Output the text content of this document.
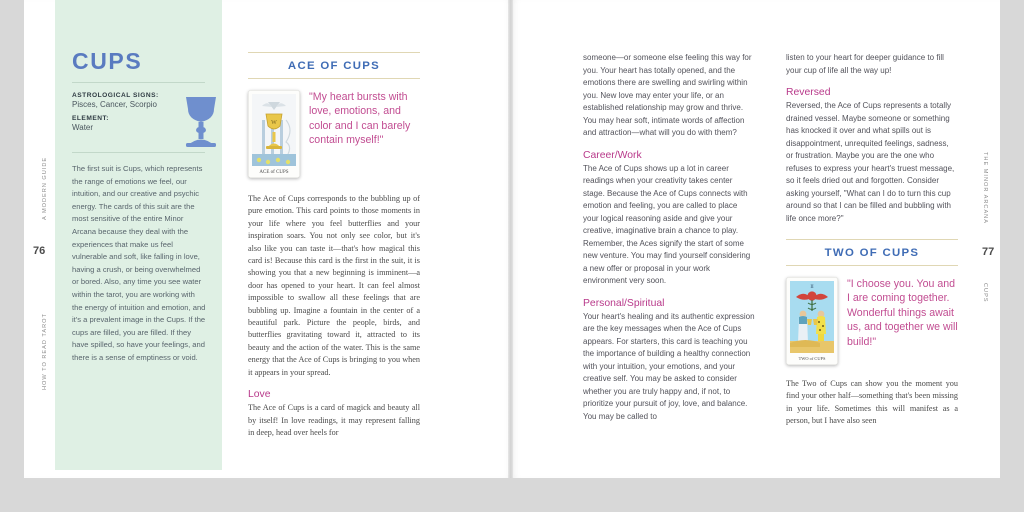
CUPS
ASTROLOGICAL SIGNS:
Pisces, Cancer, Scorpio
ELEMENT:
Water
The first suit is Cups, which represents the range of emotions we feel, our intuition, and our creative and psychic energy. The cards of this suit are the most sensitive of the entire Minor Arcana because they deal with the experiences that make us feel vulnerable and soft, like falling in love, having a crush, or being overwhelmed or bored. Also, any time you see water within the tarot, you are working with the energy of intuition and emotion, and it's a prevalent image in the Cups. If the cups are filled, you are filled. If they have spilled, so have your feelings, and there is a sense of emptiness or void.
A MODERN GUIDE
76
HOW TO READ TAROT
THE MINOR ARCANA
77
CUPS
ACE OF CUPS
W
ACE of CUPS
"My heart bursts with love, emotions, and color and I can barely contain myself!"

The Ace of Cups corresponds to the bubbling up of pure emotion. This card points to those moments in your life where you feel butterflies and your inspiration soars. You not only see color, but it's also like you can taste it—that's how magical this card is! Because this card is the first in the suit, it is showing you that a new beginning is imminent—a door has opened to your heart. It can feel almost impossible to swallow all these feelings that are bubbling up. Imagine a fountain in the center of a beautiful park. Picture the people, birds, and butterflies gravitating toward it, attracted to its beauty and the action of the water. This is the same energy that the Ace of Cups is bringing to you when it appears in your spread.

Love

The Ace of Cups is a card of magick and beauty all by itself! In love readings, it may represent falling in deep, head over heels for

someone—or someone else feeling this way for you. Your heart has totally opened, and the emotions there are swelling and swirling within you. New love may enter your life, or an established relationship may grow and thrive. You may hear soft, intimate words of affection and attraction—what will you do with them?

Career/Work

The Ace of Cups shows up a lot in career readings when your creativity takes center stage. Because the Ace of Cups connects with emotion and feeling, you are called to place your logical reasoning aside and give your creative, imaginative brain a chance to play. Remember, the Aces signify the start of some new venture. You may find yourself considering a new offer or proposal in your work environment very soon.

Personal/Spiritual

Your heart's healing and its authentic expression are the key messages when the Ace of Cups appears. For starters, this card is teaching you the importance of building a healthy connection with your intuition, your emotions, and your creative self. You may be asked to consider whether you are truly happy and, if not, to prioritize your pursuit of joy, love, and balance. You may be called to

listen to your heart for deeper guidance to fill your cup of life all the way up!

Reversed

Reversed, the Ace of Cups represents a totally drained vessel. Maybe someone or something has knocked it over and what spills out is disappointment, unrequited feelings, sadness, or frustration. Maybe you are the one who refuses to express your heart's truest message, so it feels dried out and forgotten. Consider asking yourself, "What can I do to turn this cup around so that I can be filled and bubbling with life once more?"

TWO OF CUPS
II
TWO of CUPS
"I choose you. You and I are coming together. Wonderful things await us, and together we will build!"

The Two of Cups can show you the moment you find your other half—something that's been missing in your life. Sometimes this will manifest as a person, but I have also seen
